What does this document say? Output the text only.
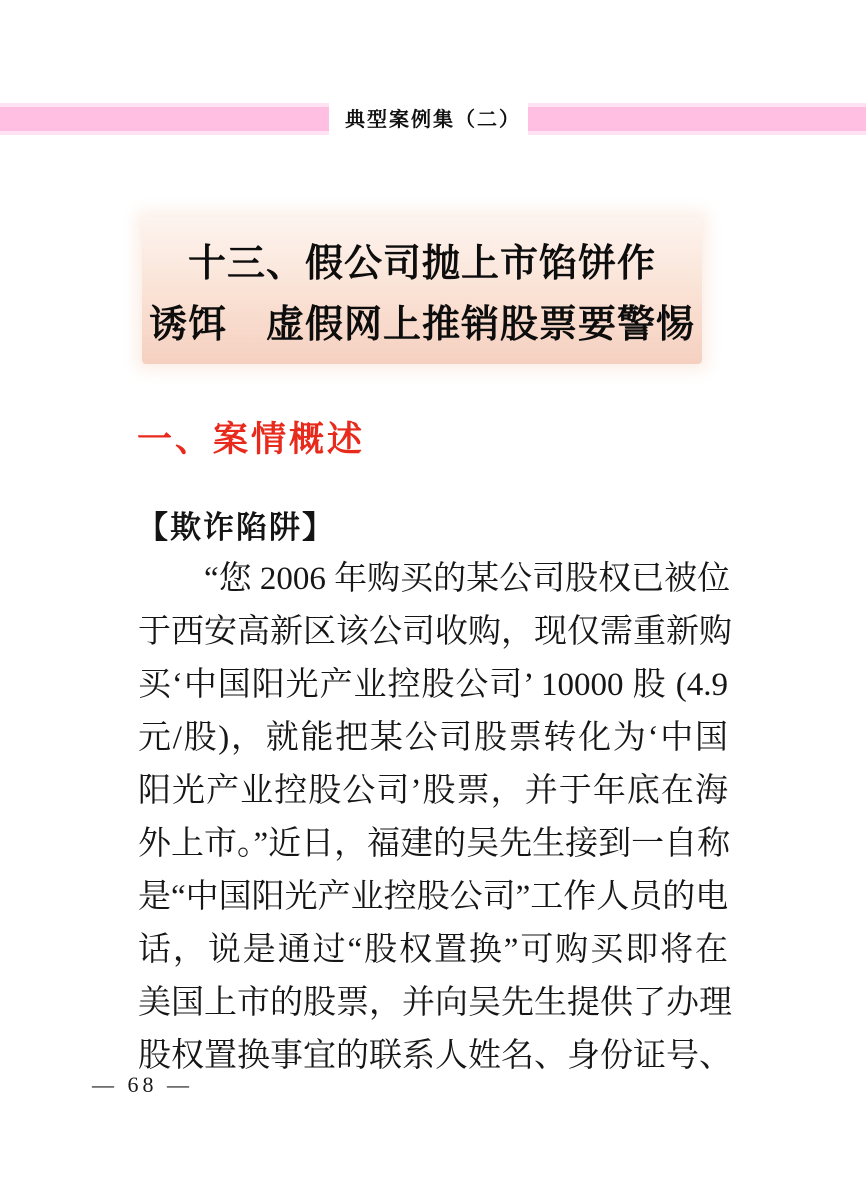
典型案例集（二）
十三、假公司抛上市馅饼作
诱饵　虚假网上推销股票要警惕
一、案情概述
【欺诈陷阱】
“您 2006 年购买的某公司股权已被位
于西安高新区该公司收购，现仅需重新购
买‘中国阳光产业控股公司’ 10000 股 (4.9
元/股)，就能把某公司股票转化为‘中国
阳光产业控股公司’股票，并于年底在海
外上市。”近日，福建的吴先生接到一自称
是“中国阳光产业控股公司”工作人员的电
话，说是通过“股权置换”可购买即将在
美国上市的股票，并向吴先生提供了办理
股权置换事宜的联系人姓名、身份证号、
— 68 —
